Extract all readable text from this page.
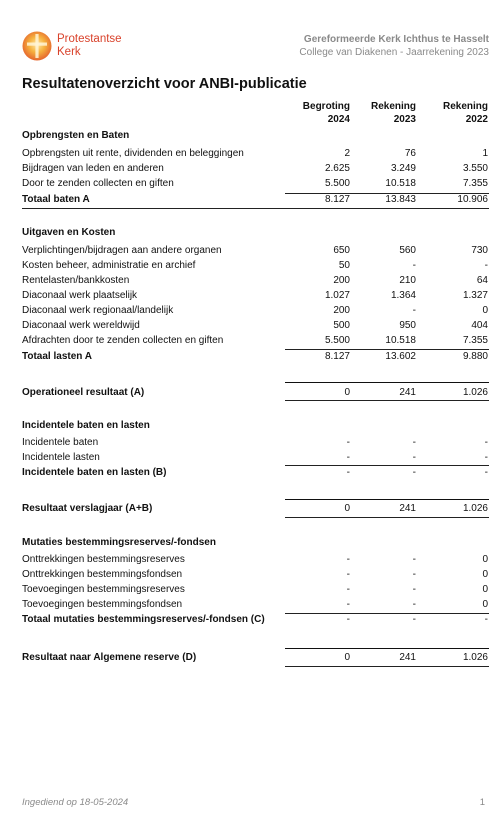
Protestantse
Kerk
Gereformeerde Kerk Ichthus te Hasselt
College van Diakenen - Jaarrekening 2023
Resultatenoverzicht voor ANBI-publicatie
Begroting
2024
Rekening
2023
Rekening
2022
Opbrengsten en Baten
Opbrengsten uit rente, dividenden en beleggingen	2	76	1
Bijdragen van leden en anderen	2.625	3.249	3.550
Door te zenden collecten en giften	5.500	10.518	7.355
Totaal baten A	8.127	13.843	10.906
Uitgaven en Kosten
Verplichtingen/bijdragen aan andere organen	650	560	730
Kosten beheer, administratie en archief	50	-	-
Rentelasten/bankkosten	200	210	64
Diaconaal werk plaatselijk	1.027	1.364	1.327
Diaconaal werk regionaal/landelijk	200	-	0
Diaconaal werk wereldwijd	500	950	404
Afdrachten door te zenden collecten en giften	5.500	10.518	7.355
Totaal lasten A	8.127	13.602	9.880
Operationeel resultaat (A)	0	241	1.026
Incidentele baten en lasten
Incidentele baten	-	-	-
Incidentele lasten	-	-	-
Incidentele baten en lasten (B)	-	-	-
Resultaat verslagjaar (A+B)	0	241	1.026
Mutaties bestemmingsreserves/-fondsen
Onttrekkingen bestemmingsreserves	-	-	0
Onttrekkingen bestemmingsfondsen	-	-	0
Toevoegingen bestemmingsreserves	-	-	0
Toevoegingen bestemmingsfondsen	-	-	0
Totaal mutaties bestemmingsreserves/-fondsen (C)	-	-	-
Resultaat naar Algemene reserve (D)	0	241	1.026
Ingediend op 18-05-2024	1
